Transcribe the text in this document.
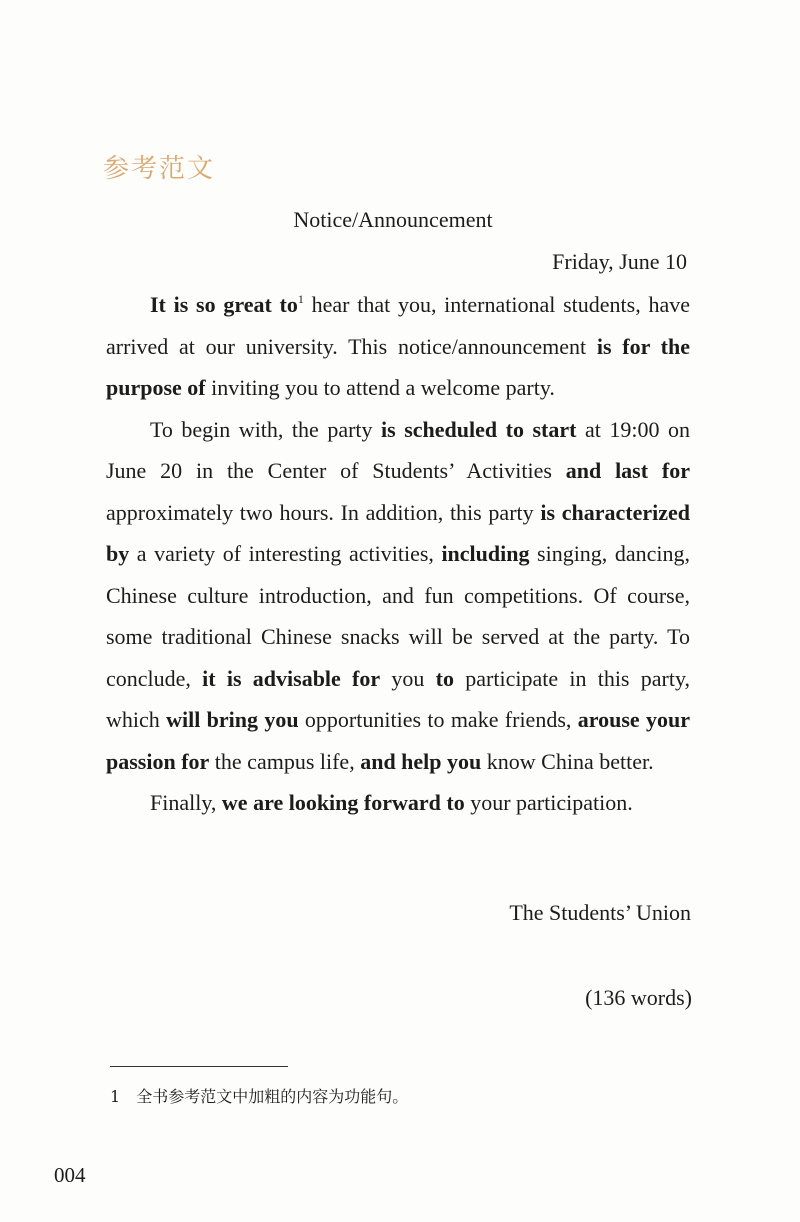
参考范文
Notice/Announcement
Friday, June 10

It is so great $to^1$ hear that you, international students, have arrived at our university. This notice/announcement is for the purpose of inviting you to attend a welcome party.

To begin with, the party is scheduled to start at 19:00 on June 20 in the Center of Students’ Activities and last for approximately two hours. In addition, this party is characterized by a variety of interesting activities, including singing, dancing, Chinese culture introduction, and fun competitions. Of course, some traditional Chinese snacks will be served at the party. To conclude, it is advisable for you to participate in this party, which will bring you opportunities to make friends, arouse your passion for the campus life, and help you know China better.

Finally, we are looking forward to your participation.

The Students’ Union
(136 words)
1 全书参考范文中加粗的内容为功能句。
004
